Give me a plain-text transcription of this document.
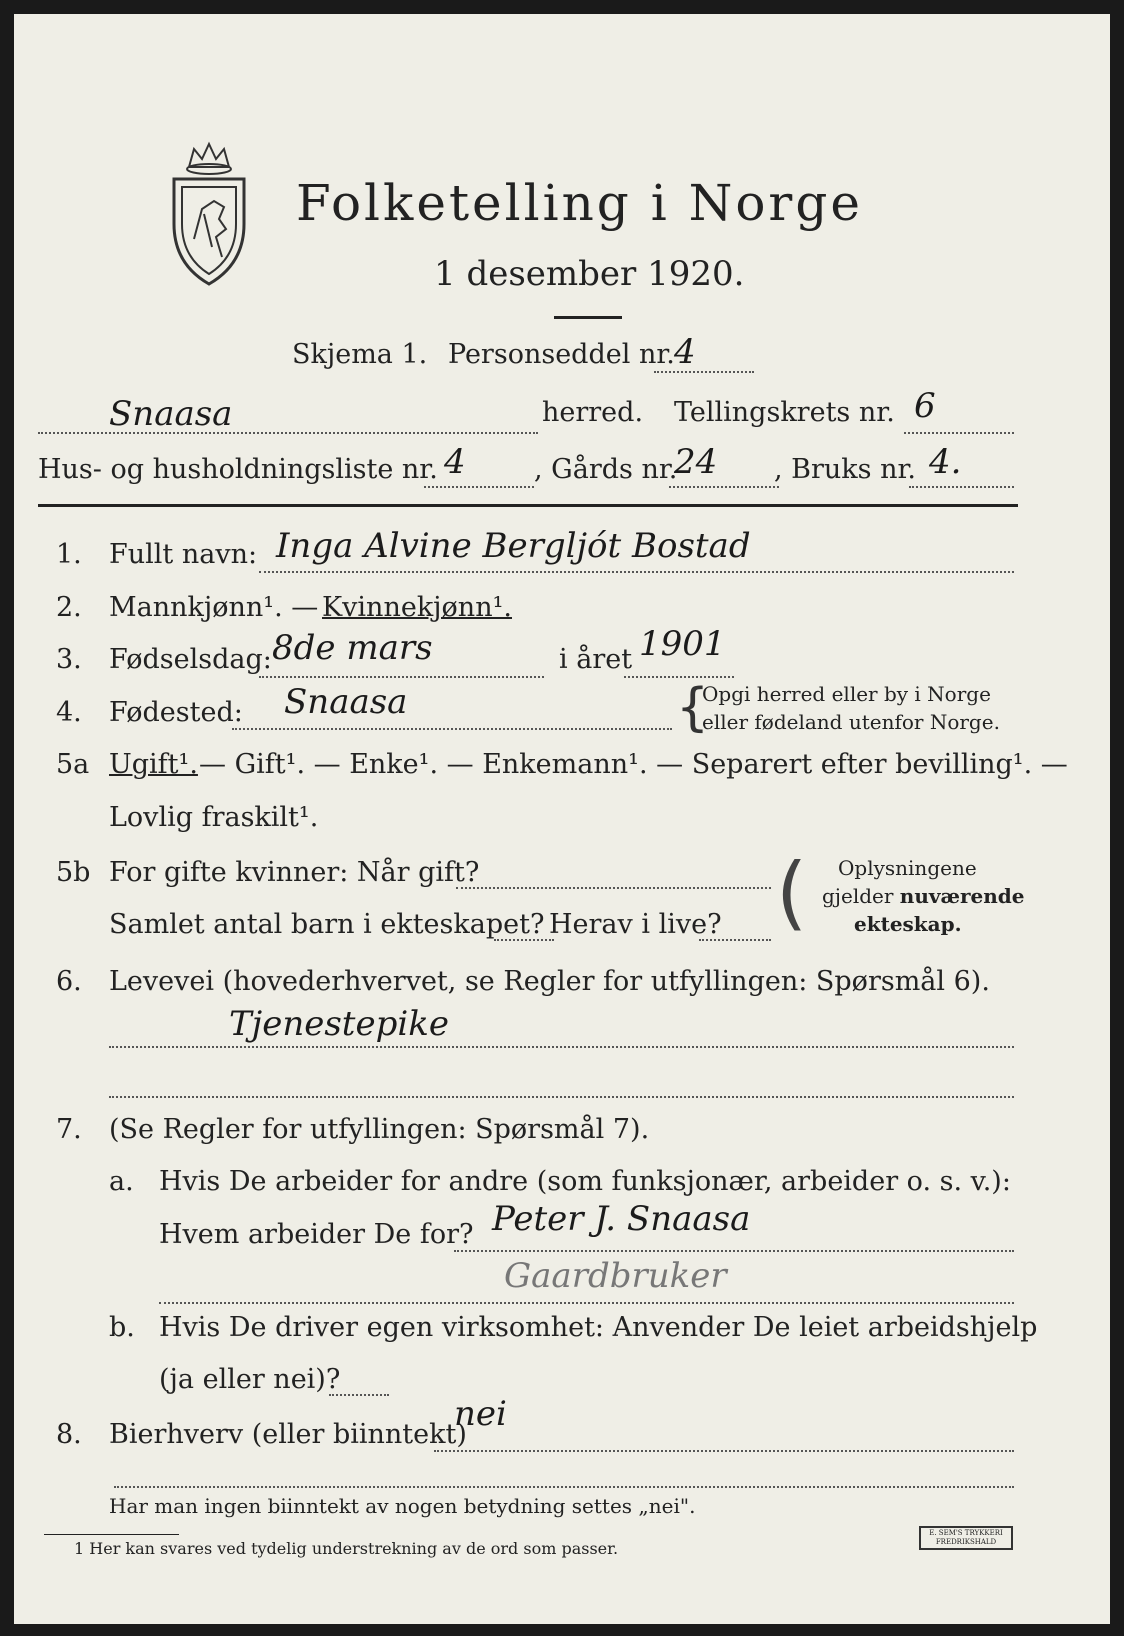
Folketelling i Norge
1 desember 1920.
Skjema 1. Personseddel nr. 4
Snaasa	herred. Tellingskrets nr. 6
Hus- og husholdningsliste nr. 4	, Gårds nr.
24 , Bruks nr. 4.
1. Fullt navn: Inga Alvine Bergljót Bostad
2. Mannkjønn¹. — Kvinnekjønn¹.
3. Fødselsdag: 8de mars	i året 1901
4. Fødested: Snaasa	{
Opgi herred eller by i Norge
eller fødeland utenfor Norge.
5a Ugift¹. — Gift¹. — Enke¹. — Enkemann¹. — Separert efter bevilling¹. —
Lovlig fraskilt¹.
5b For gifte kvinner: Når gift?
Samlet antal barn i ekteskapet? Herav i live? ( Oplysningene
gjelder nuværende
ekteskap.
6. Levevei (hovederhvervet, se Regler for utfyllingen: Spørsmål 6).
Tjenestepike
7. (Se Regler for utfyllingen: Spørsmål 7).
a. Hvis De arbeider for andre (som funksjonær, arbeider o. s. v.):
Hvem arbeider De for? Peter J. Snaasa
Gaardbruker
b. Hvis De driver egen virksomhet: Anvender De leiet arbeidshjelp
(ja eller nei)?
8. Bierhverv (eller biinntekt)
nei
Har man ingen biinntekt av nogen betydning settes „nei".
1 Her kan svares ved tydelig understrekning av de ord som passer.
E. SEM'S TRYKKERI FREDRIKSHALD
